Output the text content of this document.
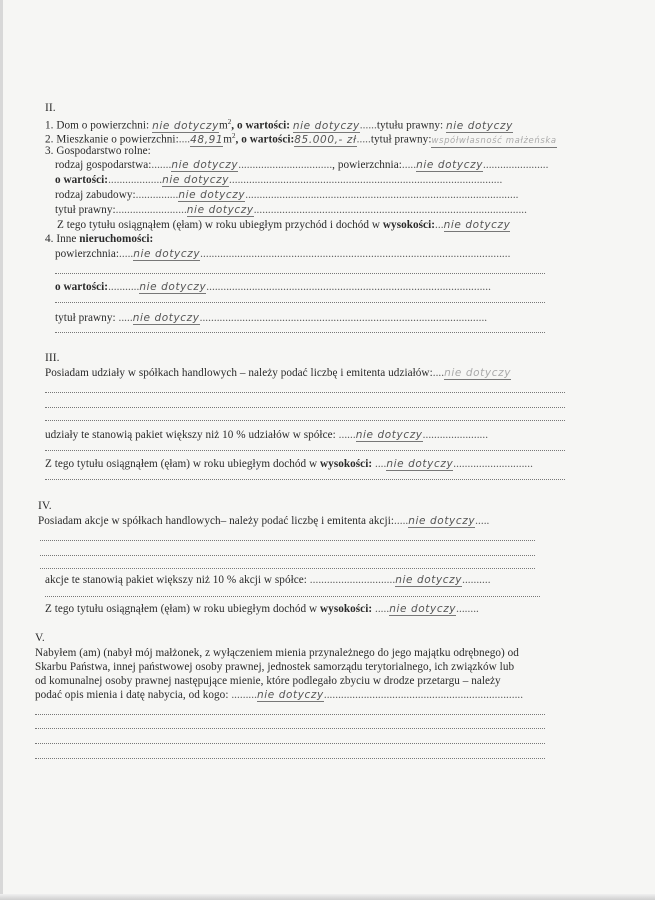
II.
1. Dom o powierzchni: nie dotyczym$^2$, o wartości: nie dotyczy......tytułu prawny: nie dotyczy
2. Mieszkanie o $powierzchni:....48,91m^2$, o wartości:85.000,- zł.....tytuł prawny:współwłasność małżeńska
3. Gospodarstwo rolne:
rodzaj gospodarstwa:.......nie dotyczy................................., powierzchnia:.....nie dotyczy.......................
o wartości:...................nie dotyczy................................................................................................
rodzaj zabudowy:...............nie dotyczy................................................................................................
tytuł prawny:.........................nie dotyczy................................................................................................
Z tego tytułu osiągnąłem (ęłam) w roku ubiegłym przychód i dochód w wysokości:...nie dotyczy
4. Inne nieruchomości:
powierzchnia:.....nie dotyczy.............................................................................................................
o wartości:...........nie dotyczy....................................................................................................
tytuł prawny: .....nie dotyczy.....................................................................................................
III.
Posiadam udziały w spółkach handlowych – należy podać liczbę i emitenta udziałów:....nie dotyczy
udziały te stanowią pakiet większy niż 10 % udziałów w spółce: ......nie dotyczy.......................
Z tego tytułu osiągnąłem (ęłam) w roku ubiegłym dochód w wysokości: ....nie dotyczy............................
IV.
Posiadam akcje w spółkach handlowych– należy podać liczbę i emitenta akcji:.....nie dotyczy.....
akcje te stanowią pakiet większy niż 10 % akcji w spółce: ..............................nie dotyczy..........
Z tego tytułu osiągnąłem (ęłam) w roku ubiegłym dochód w wysokości: .....nie dotyczy........
V.
Nabyłem (am) (nabył mój małżonek, z wyłączeniem mienia przynależnego do jego majątku odrębnego) od
Skarbu Państwa, innej państwowej osoby prawnej, jednostek samorządu terytorialnego, ich związków lub
od komunalnej osoby prawnej następujące mienie, które podlegało zbyciu w drodze przetargu – należy
podać opis mienia i datę nabycia, od kogo: .........nie dotyczy......................................................................
